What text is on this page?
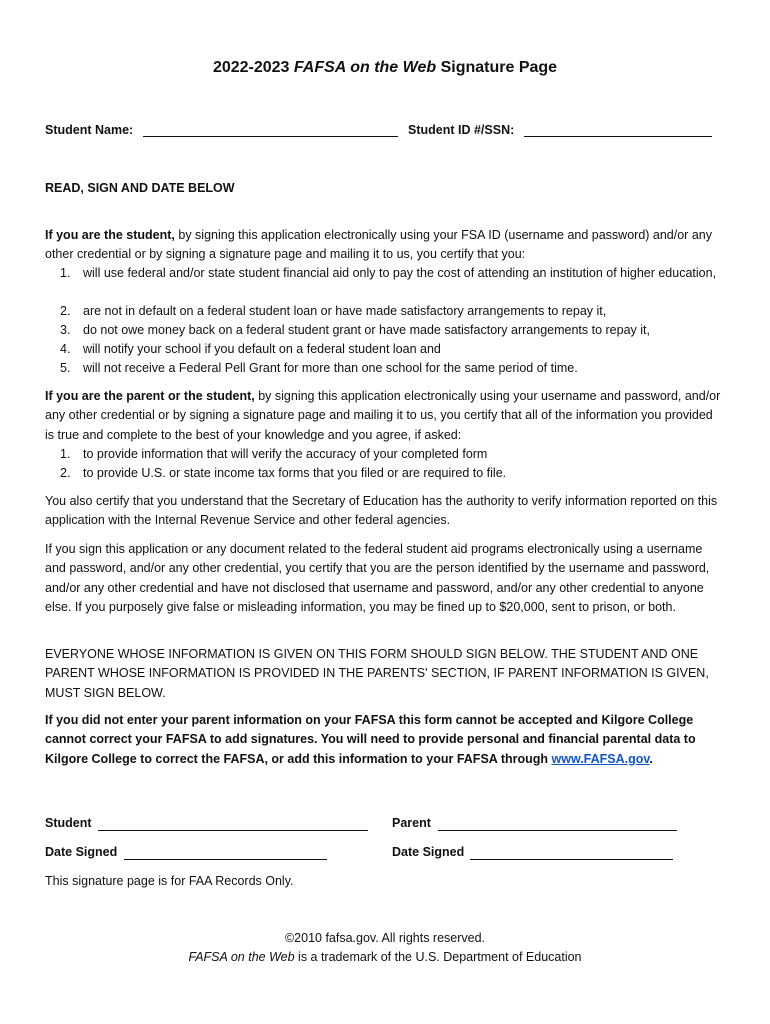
2022-2023 FAFSA on the Web Signature Page
Student Name:	Student ID #/SSN:
READ, SIGN AND DATE BELOW
If you are the student, by signing this application electronically using your FSA ID (username and password) and/or any other credential or by signing a signature page and mailing it to us, you certify that you:
1.	will use federal and/or state student financial aid only to pay the cost of attending an institution of higher education,
2.	are not in default on a federal student loan or have made satisfactory arrangements to repay it,
3.	do not owe money back on a federal student grant or have made satisfactory arrangements to repay it,
4.	will notify your school if you default on a federal student loan and
5.	will not receive a Federal Pell Grant for more than one school for the same period of time.
If you are the parent or the student, by signing this application electronically using your username and password, and/or any other credential or by signing a signature page and mailing it to us, you certify that all of the information you provided is true and complete to the best of your knowledge and you agree, if asked:
1.	to provide information that will verify the accuracy of your completed form
2.	to provide U.S. or state income tax forms that you filed or are required to file.
You also certify that you understand that the Secretary of Education has the authority to verify information reported on this application with the Internal Revenue Service and other federal agencies.
If you sign this application or any document related to the federal student aid programs electronically using a username and password, and/or any other credential, you certify that you are the person identified by the username and password, and/or any other credential and have not disclosed that username and password, and/or any other credential to anyone else. If you purposely give false or misleading information, you may be fined up to $20,000, sent to prison, or both.
EVERYONE WHOSE INFORMATION IS GIVEN ON THIS FORM SHOULD SIGN BELOW. THE STUDENT AND ONE PARENT WHOSE INFORMATION IS PROVIDED IN THE PARENTS' SECTION, IF PARENT INFORMATION IS GIVEN, MUST SIGN BELOW.
If you did not enter your parent information on your FAFSA this form cannot be accepted and Kilgore College cannot correct your FAFSA to add signatures. You will need to provide personal and financial parental data to Kilgore College to correct the FAFSA, or add this information to your FAFSA through www.FAFSA.gov.
Student	Parent
Date Signed	Date Signed
This signature page is for FAA Records Only.
©2010 fafsa.gov. All rights reserved.
FAFSA on the Web is a trademark of the U.S. Department of Education
